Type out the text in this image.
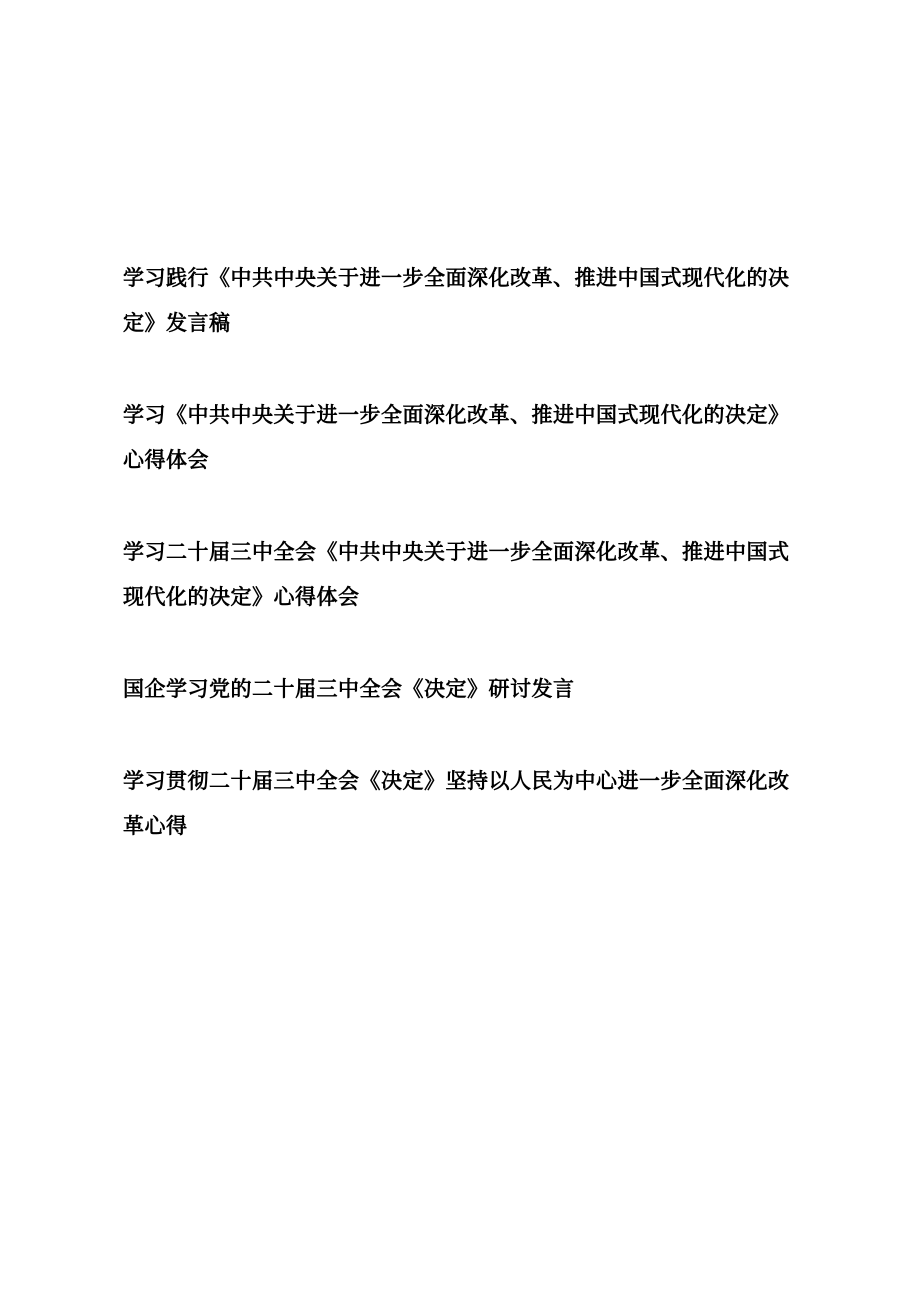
学习践行《中共中央关于进一步全面深化改革、推进中国式现代化的决定》发言稿

学习《中共中央关于进一步全面深化改革、推进中国式现代化的决定》心得体会

学习二十届三中全会《中共中央关于进一步全面深化改革、推进中国式现代化的决定》心得体会

国企学习党的二十届三中全会《决定》研讨发言

学习贯彻二十届三中全会《决定》坚持以人民为中心进一步全面深化改革心得
